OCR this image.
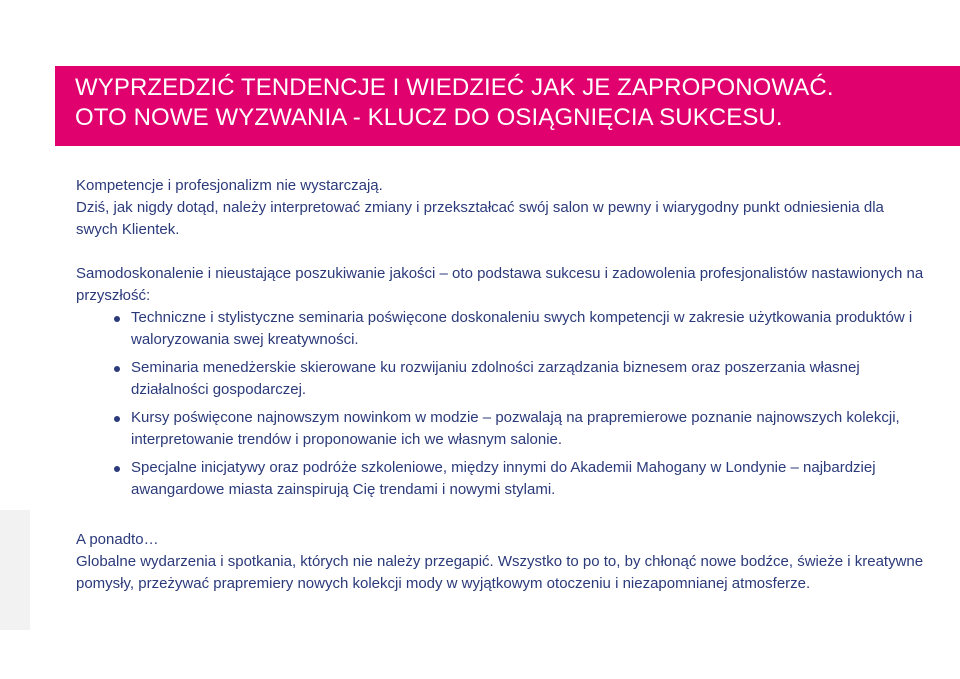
WYPRZEDZIĆ TENDENCJE I WIEDZIEĆ JAK JE ZAPROPONOWAĆ.
OTO NOWE WYZWANIA - KLUCZ DO OSIĄGNIĘCIA SUKCESU.

Kompetencje i profesjonalizm nie wystarczają.

Dziś, jak nigdy dotąd, należy interpretować zmiany i przekształcać swój salon w pewny i wiarygodny punkt odniesienia dla swych Klientek.

Samodoskonalenie i nieustające poszukiwanie jakości – oto podstawa sukcesu i zadowolenia profesjonalistów nastawionych na przyszłość:

Techniczne i stylistyczne seminaria poświęcone doskonaleniu swych kompetencji w zakresie użytkowania produktów i waloryzowania swej kreatywności.
Seminaria menedżerskie skierowane ku rozwijaniu zdolności zarządzania biznesem oraz poszerzania własnej działalności gospodarczej.
Kursy poświęcone najnowszym nowinkom w modzie – pozwalają na prapremierowe poznanie najnowszych kolekcji, interpretowanie trendów i proponowanie ich we własnym salonie.
Specjalne inicjatywy oraz podróże szkoleniowe, między innymi do Akademii Mahogany w Londynie – najbardziej awangardowe miasta zainspirują Cię trendami i nowymi stylami.

A ponadto…

Globalne wydarzenia i spotkania, których nie należy przegapić. Wszystko to po to, by chłonąć nowe bodźce, świeże i kreatywne pomysły, przeżywać prapremiery nowych kolekcji mody w wyjątkowym otoczeniu i niezapomnianej atmosferze.
